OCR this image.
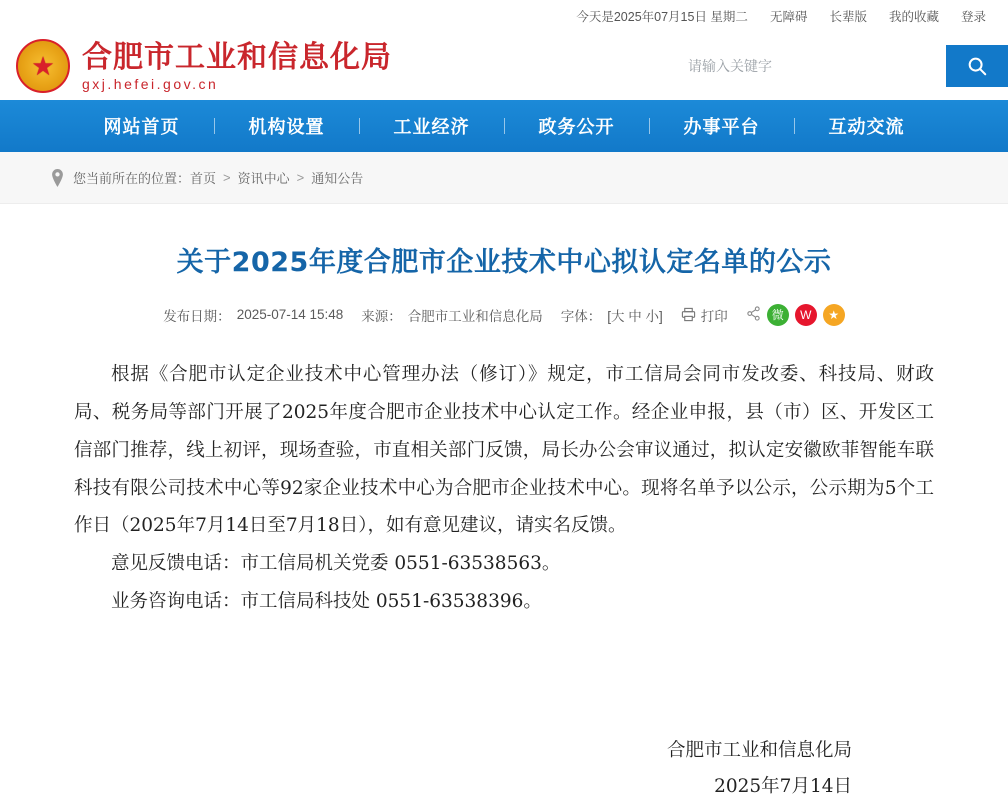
今天是2025年07月15日 星期二 无障碍 长辈版 我的收藏 登录
★ 合肥市工业和信息化局
gxj.hefei.gov.cn
请输入关键字
网站首页	机构设置	工业经济	政务公开	办事平台	互动交流
您当前所在的位置： 首页 > 资讯中心 > 通知公告
关于2025年度合肥市企业技术中心拟认定名单的公示
发布日期： 2025-07-14 15:48 来源： 合肥市工业和信息化局 字体： [大 中 小]	打印	微	W	★

根据《合肥市认定企业技术中心管理办法（修订）》规定，市工信局会同市发改委、科技局、财政局、税务局等部门开展了2025年度合肥市企业技术中心认定工作。经企业申报，县（市）区、开发区工信部门推荐，线上初评，现场查验，市直相关部门反馈，局长办公会审议通过，拟认定安徽欧菲智能车联科技有限公司技术中心等92家企业技术中心为合肥市企业技术中心。现将名单予以公示，公示期为5个工作日（2025年7月14日至7月18日），如有意见建议，请实名反馈。

意见反馈电话：市工信局机关党委 0551-63538563。

业务咨询电话：市工信局科技处 0551-63538396。

合肥市工业和信息化局
2025年7月14日
